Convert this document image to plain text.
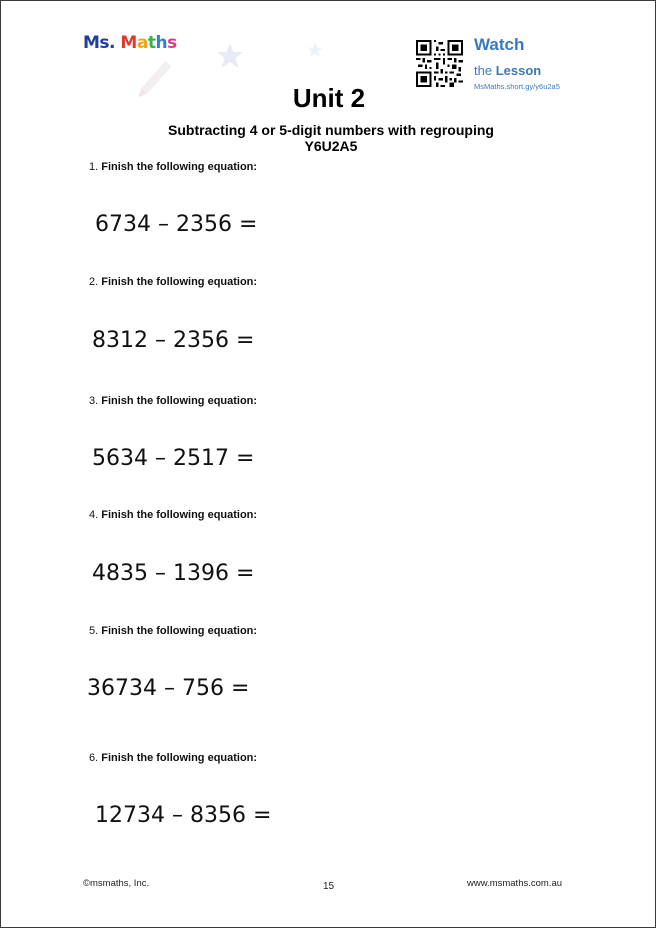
Ms. Maths	Watch
the Lesson
MsMaths.short.gy/y6u2a5
Unit 2
Subtracting 4 or 5-digit numbers with regrouping
Y6U2A5
1. Finish the following equation:
6734 – 2356 =
2. Finish the following equation:
8312 – 2356 =
3. Finish the following equation:
5634 – 2517 =
4. Finish the following equation:
4835 – 1396 =
5. Finish the following equation:
36734 – 756 =
6. Finish the following equation:
12734 – 8356 =
©msmaths, Inc.	15	www.msmaths.com.au
